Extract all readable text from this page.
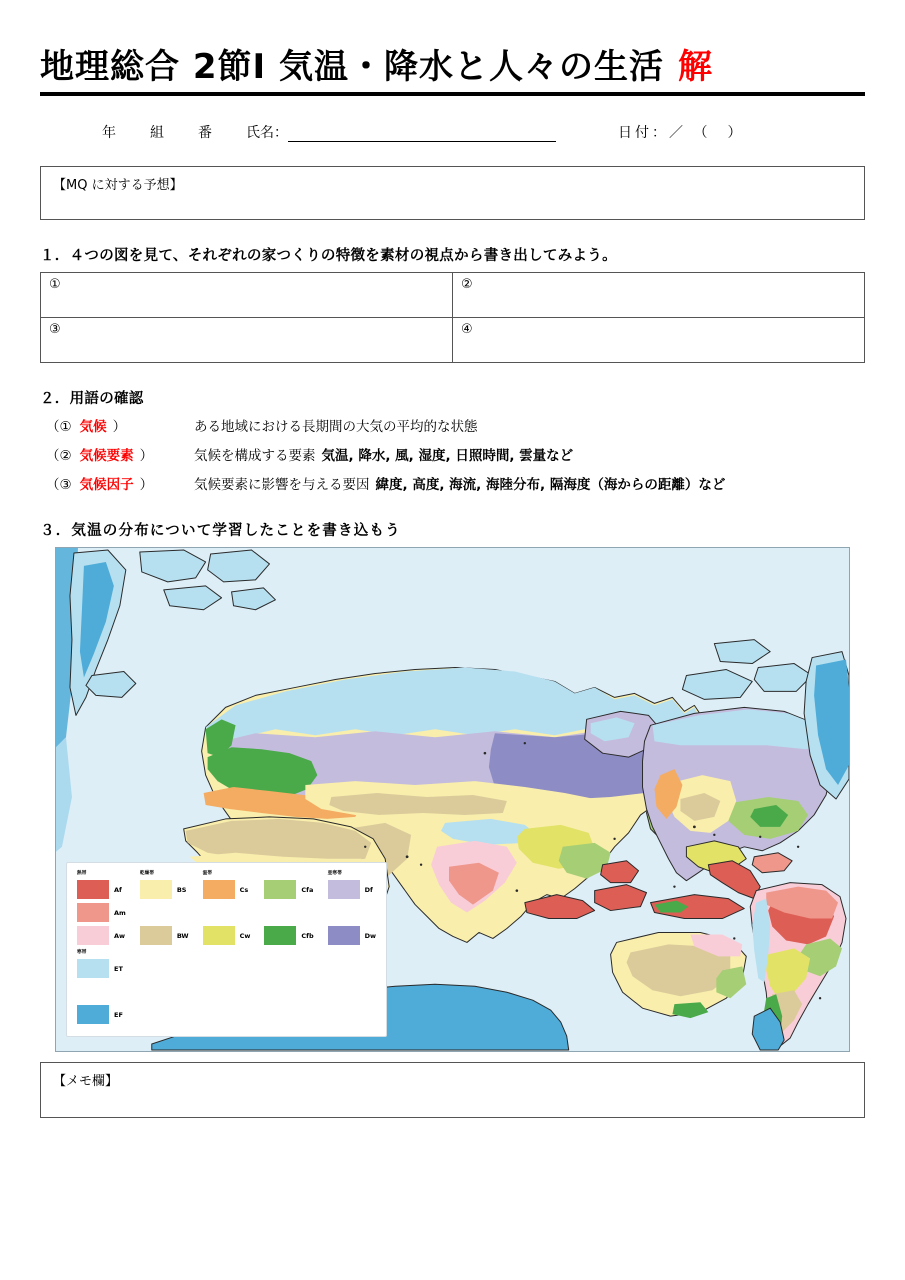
地理総合 2節Ⅰ 気温・降水と人々の生活 解
年 組 番 氏名：	日付：／ （　）
【MQ に対する予想】
１．４つの図を見て、それぞれの家つくりの特徴を素材の視点から書き出してみよう。
①	②
③	④
２．用語の確認
（① 気候 ）	ある地域における長期間の大気の平均的な状態
（② 気候要素 ）	気候を構成する要素 気温, 降水, 風, 湿度, 日照時間, 雲量など
（③ 気候因子 ）	気候要素に影響を与える要因 緯度, 高度, 海流, 海陸分布, 隔海度（海からの距離）など
３．気温の分布について学習したことを書き込もう
熱帯
Af
Am
Aw
乾燥帯
BS
BW
温帯
Cs
Cw

Cfa
Cfb
亜寒帯
Df
Dw
寒帯
ET
EF
【メモ欄】
